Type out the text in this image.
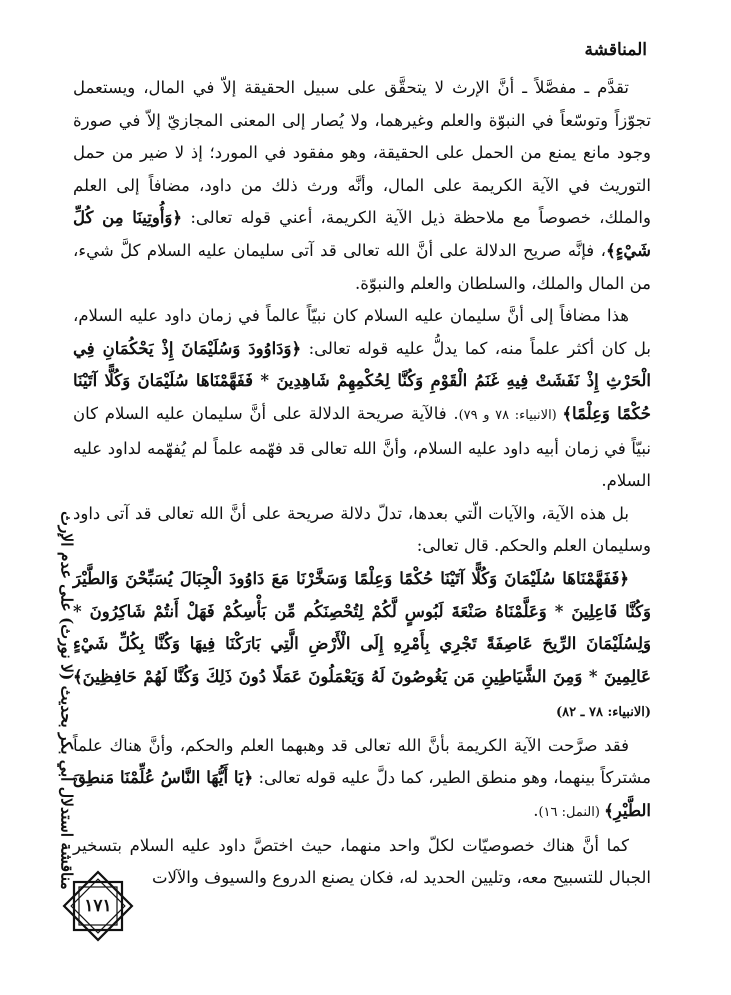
المناقشة

تقدَّم ـ مفصَّلاً ـ أنَّ الإرث لا يتحقَّق على سبيل الحقيقة إلاّ في المال، ويستعمل تجوّزاً وتوسّعاً في النبوّة والعلم وغيرهما، ولا يُصار إلى المعنى المجازيّ إلاّ في صورة وجود مانع يمنع من الحمل على الحقيقة، وهو مفقود في المورد؛ إذ لا ضير من حمل التوريث في الآية الكريمة على المال، وأنَّه ورث ذلك من داود، مضافاً إلى العلم والملك، خصوصاً مع ملاحظة ذيل الآية الكريمة، أعني قوله تعالى: ﴿وَأُوتِينَا مِن كُلِّ شَيْءٍ﴾، فإنَّه صريح الدلالة على أنَّ الله تعالى قد آتى سليمان عليه السلام كلَّ شيء، من المال والملك، والسلطان والعلم والنبوّة.

هذا مضافاً إلى أنَّ سليمان عليه السلام كان نبيّاً عالماً في زمان داود عليه السلام، بل كان أكثر علماً منه، كما يدلُّ عليه قوله تعالى: ﴿وَدَاوُودَ وَسُلَيْمَانَ إِذْ يَحْكُمَانِ فِي الْحَرْثِ إِذْ نَفَشَتْ فِيهِ غَنَمُ الْقَوْمِ وَكُنَّا لِحُكْمِهِمْ شَاهِدِينَ * فَفَهَّمْنَاهَا سُلَيْمَانَ وَكُلًّا آتَيْنَا حُكْمًا وَعِلْمًا﴾ (الانبياء: ٧٨ و ٧٩). فالآية صريحة الدلالة على أنَّ سليمان عليه السلام كان نبيّاً في زمان أبيه داود عليه السلام، وأنَّ الله تعالى قد فهّمه علماً لم يُفهّمه لداود عليه السلام.

بل هذه الآية، والآيات الّتي بعدها، تدلّ دلالة صريحة على أنَّ الله تعالى قد آتى داود وسليمان العلم والحكم. قال تعالى:

﴿فَفَهَّمْنَاهَا سُلَيْمَانَ وَكُلًّا آتَيْنَا حُكْمًا وَعِلْمًا وَسَخَّرْنَا مَعَ دَاوُودَ الْجِبَالَ يُسَبِّحْنَ وَالطَّيْرَ وَكُنَّا فَاعِلِينَ * وَعَلَّمْنَاهُ صَنْعَةَ لَبُوسٍ لَّكُمْ لِتُحْصِنَكُم مِّن بَأْسِكُمْ فَهَلْ أَنتُمْ شَاكِرُونَ * وَلِسُلَيْمَانَ الرِّيحَ عَاصِفَةً تَجْرِي بِأَمْرِهِ إِلَى الْأَرْضِ الَّتِي بَارَكْنَا فِيهَا وَكُنَّا بِكُلِّ شَيْءٍ عَالِمِينَ * وَمِنَ الشَّيَاطِينِ مَن يَغُوصُونَ لَهُ وَيَعْمَلُونَ عَمَلًا دُونَ ذَلِكَ وَكُنَّا لَهُمْ حَافِظِينَ﴾ (الانبياء: ٧٨ ـ ٨٢)

فقد صرَّحت الآية الكريمة بأنَّ الله تعالى قد وهبهما العلم والحكم، وأنَّ هناك علماً مشتركاً بينهما، وهو منطق الطير، كما دلَّ عليه قوله تعالى: ﴿يَا أَيُّهَا النَّاسُ عُلِّمْنَا مَنطِقَ الطَّيْرِ﴾ (النمل: ١٦).

كما أنَّ هناك خصوصيّات لكلّ واحد منهما، حيث اختصَّ داود عليه السلام بتسخير الجبال للتسبيح معه، وتليين الحديد له، فكان يصنع الدروع والسيوف والآلات

مناقشة استدلال أبي بكر بحديث (لا نورث) على عدم الإرث
١٧١
